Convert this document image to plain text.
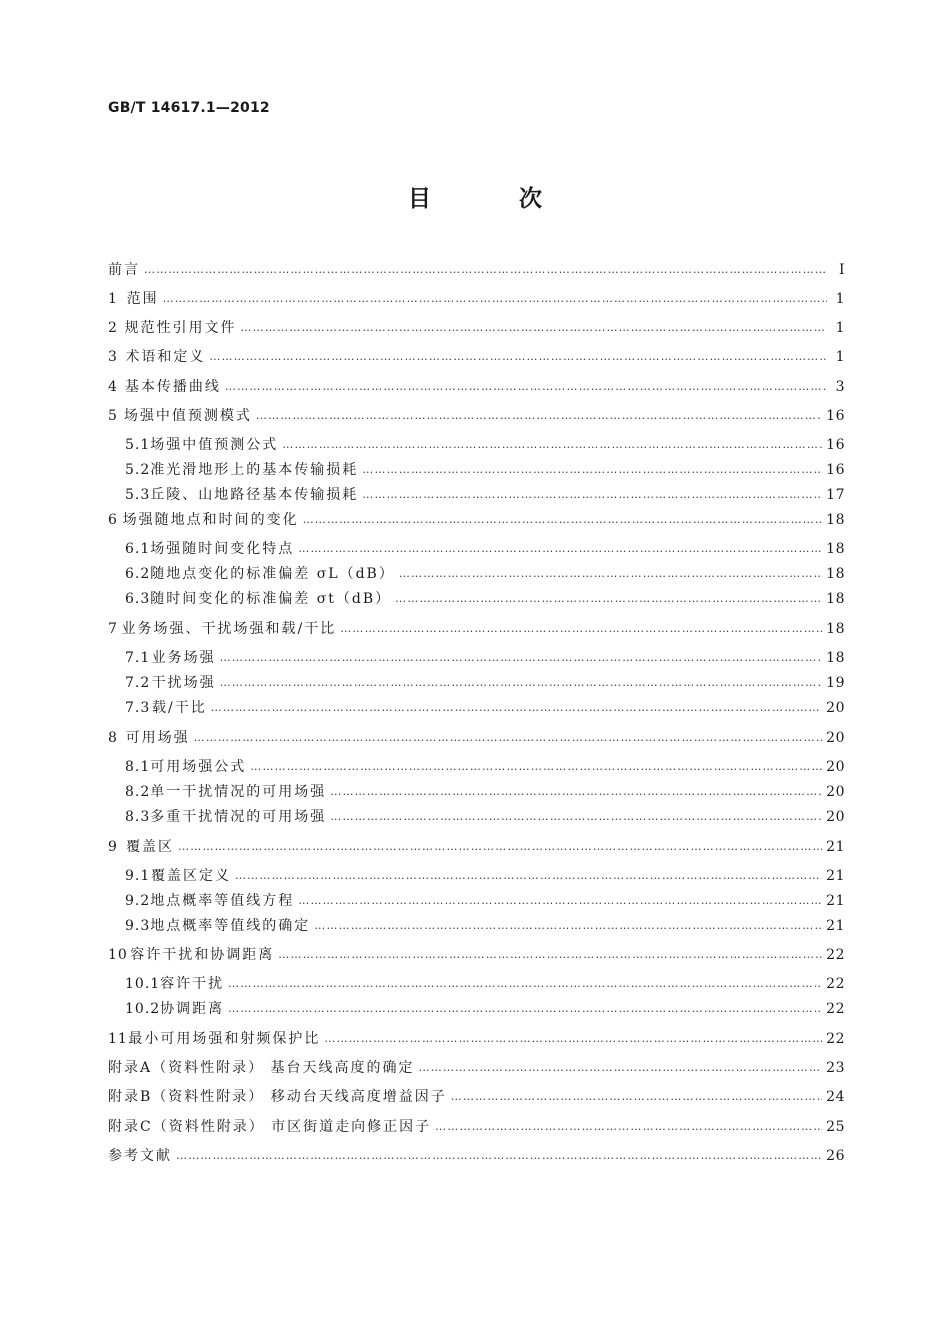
GB/T 14617.1—2012
目 次
前言 …………………………………………………………………………………………………………………………………………………………………………………………………………	Ⅰ
1 范围 …………………………………………………………………………………………………………………………………………………………………………………………………………	1
2 规范性引用文件 …………………………………………………………………………………………………………………………………………………………………………………………………………	1
3 术语和定义 …………………………………………………………………………………………………………………………………………………………………………………………………………	1
4 基本传播曲线 …………………………………………………………………………………………………………………………………………………………………………………………………………	3
5 场强中值预测模式 …………………………………………………………………………………………………………………………………………………………………………………………………………	16
5.1 场强中值预测公式 …………………………………………………………………………………………………………………………………………………………………………………………………………	16
5.2 准光滑地形上的基本传输损耗 …………………………………………………………………………………………………………………………………………………………………………………………………………	16
5.3 丘陵、山地路径基本传输损耗 …………………………………………………………………………………………………………………………………………………………………………………………………………	17
6 场强随地点和时间的变化 …………………………………………………………………………………………………………………………………………………………………………………………………………	18
6.1 场强随时间变化特点 …………………………………………………………………………………………………………………………………………………………………………………………………………	18
6.2 随地点变化的标准偏差 σL（dB） …………………………………………………………………………………………………………………………………………………………………………………………………………	18
6.3 随时间变化的标准偏差 σt（dB） …………………………………………………………………………………………………………………………………………………………………………………………………………	18
7 业务场强、干扰场强和载/干比 …………………………………………………………………………………………………………………………………………………………………………………………………………	18
7.1 业务场强 …………………………………………………………………………………………………………………………………………………………………………………………………………	18
7.2 干扰场强 …………………………………………………………………………………………………………………………………………………………………………………………………………	19
7.3 载/干比 …………………………………………………………………………………………………………………………………………………………………………………………………………	20
8 可用场强 …………………………………………………………………………………………………………………………………………………………………………………………………………	20
8.1 可用场强公式 …………………………………………………………………………………………………………………………………………………………………………………………………………	20
8.2 单一干扰情况的可用场强 …………………………………………………………………………………………………………………………………………………………………………………………………………	20
8.3 多重干扰情况的可用场强 …………………………………………………………………………………………………………………………………………………………………………………………………………	20
9 覆盖区 …………………………………………………………………………………………………………………………………………………………………………………………………………	21
9.1 覆盖区定义 …………………………………………………………………………………………………………………………………………………………………………………………………………	21
9.2 地点概率等值线方程 …………………………………………………………………………………………………………………………………………………………………………………………………………	21
9.3 地点概率等值线的确定 …………………………………………………………………………………………………………………………………………………………………………………………………………	21
10 容许干扰和协调距离 …………………………………………………………………………………………………………………………………………………………………………………………………………	22
10.1 容许干扰 …………………………………………………………………………………………………………………………………………………………………………………………………………	22
10.2 协调距离 …………………………………………………………………………………………………………………………………………………………………………………………………………	22
11 最小可用场强和射频保护比 …………………………………………………………………………………………………………………………………………………………………………………………………………	22
附录A（资料性附录） 基台天线高度的确定 …………………………………………………………………………………………………………………………………………………………………………………………………………	23
附录B（资料性附录） 移动台天线高度增益因子 …………………………………………………………………………………………………………………………………………………………………………………………………………	24
附录C（资料性附录） 市区街道走向修正因子 …………………………………………………………………………………………………………………………………………………………………………………………………………	25
参考文献 …………………………………………………………………………………………………………………………………………………………………………………………………………	26
